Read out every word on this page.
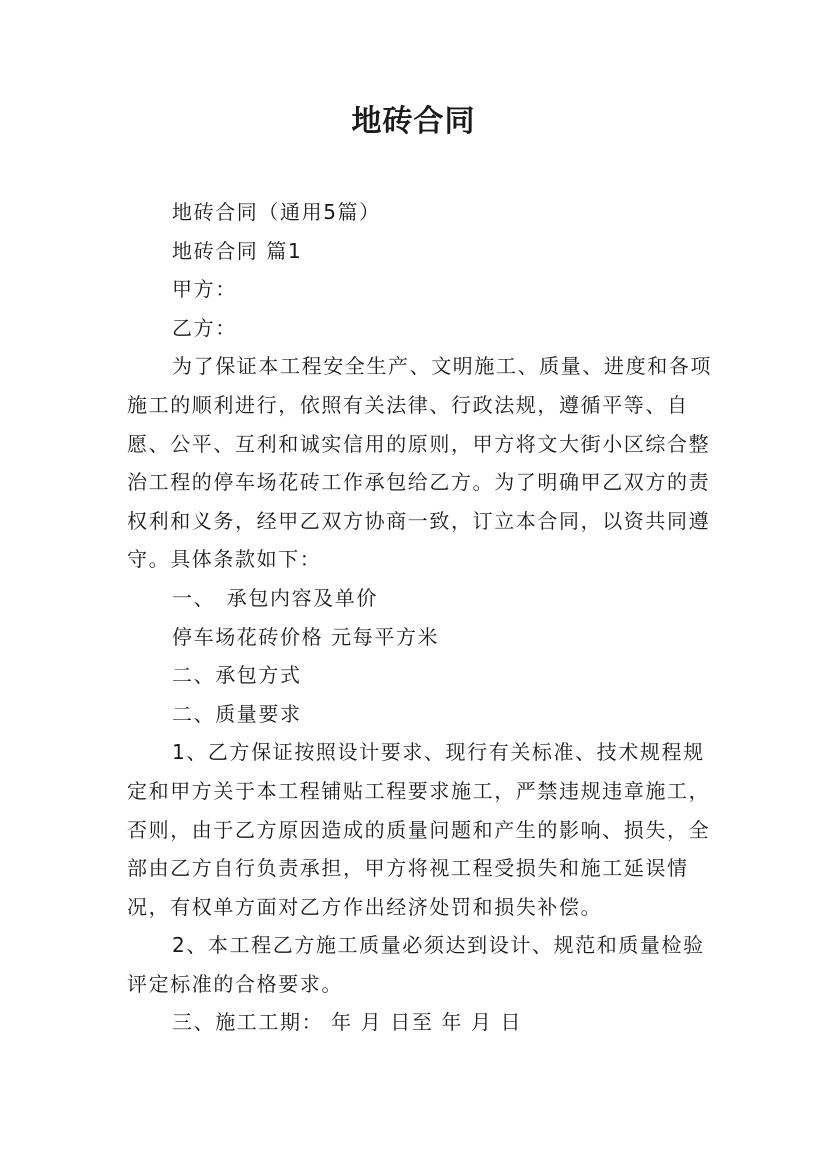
地砖合同

地砖合同（通用5篇）

地砖合同 篇1

甲方：

乙方：

为了保证本工程安全生产、文明施工、质量、进度和各项施工的顺利进行，依照有关法律、行政法规，遵循平等、自愿、公平、互利和诚实信用的原则，甲方将文大街小区综合整治工程的停车场花砖工作承包给乙方。为了明确甲乙双方的责权利和义务，经甲乙双方协商一致，订立本合同，以资共同遵守。具体条款如下：

一、　承包内容及单价

停车场花砖价格 元每平方米

二、承包方式

二、质量要求

1、乙方保证按照设计要求、现行有关标准、技术规程规定和甲方关于本工程铺贴工程要求施工，严禁违规违章施工，否则，由于乙方原因造成的质量问题和产生的影响、损失，全部由乙方自行负责承担，甲方将视工程受损失和施工延误情况，有权单方面对乙方作出经济处罚和损失补偿。

2、本工程乙方施工质量必须达到设计、规范和质量检验评定标准的合格要求。

三、施工工期： 年 月 日至 年 月 日
